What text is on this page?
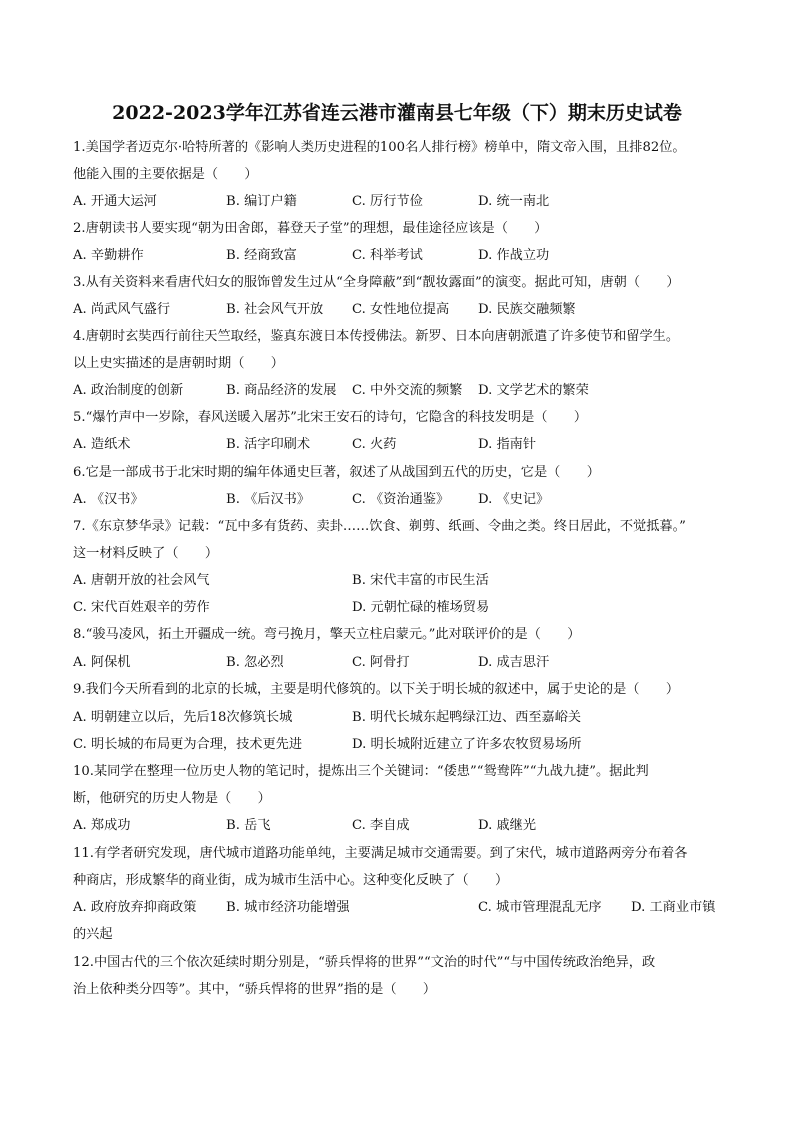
2022-2023学年江苏省连云港市灌南县七年级（下）期末历史试卷
1.美国学者迈克尔·哈特所著的《影响人类历史进程的100名人排行榜》榜单中，隋文帝入围，且排82位。
他能入围的主要依据是（　　）
A. 开通大运河	B. 编订户籍	C. 厉行节俭	D. 统一南北
2.唐朝读书人要实现“朝为田舍郎，暮登天子堂”的理想，最佳途径应该是（　　）
A. 辛勤耕作	B. 经商致富	C. 科举考试	D. 作战立功
3.从有关资料来看唐代妇女的服饰曾发生过从“全身障蔽”到“靓妆露面”的演变。据此可知，唐朝（　　）
A. 尚武风气盛行	B. 社会风气开放 C. 女性地位提高 D. 民族交融频繁
4.唐朝时玄奘西行前往天竺取经，鉴真东渡日本传授佛法。新罗、日本向唐朝派遣了许多使节和留学生。
以上史实描述的是唐朝时期（　　）
A. 政治制度的创新	B. 商品经济的发展 C. 中外交流的频繁 D. 文学艺术的繁荣
5.“爆竹声中一岁除，春风送暖入屠苏”北宋王安石的诗句，它隐含的科技发明是（　　）
A. 造纸术	B. 活字印刷术	C. 火药	D. 指南针
6.它是一部成书于北宋时期的编年体通史巨著，叙述了从战国到五代的历史，它是（　　）
A. 《汉书》	B. 《后汉书》	C. 《资治通鉴》 D. 《史记》
7.《东京梦华录》记载：“瓦中多有货药、卖卦……饮食、剃剪、纸画、令曲之类。终日居此，不觉抵暮。”
这一材料反映了（　　）
A. 唐朝开放的社会风气	B. 宋代丰富的市民生活
C. 宋代百姓艰辛的劳作	D. 元朝忙碌的榷场贸易
8.“骏马凌风，拓土开疆成一统。弯弓挽月，擎天立柱启蒙元。”此对联评价的是（　　）
A. 阿保机	B. 忽必烈	C. 阿骨打	D. 成吉思汗
9.我们今天所看到的北京的长城，主要是明代修筑的。以下关于明长城的叙述中，属于史论的是（　　）
A. 明朝建立以后，先后18次修筑长城	B. 明代长城东起鸭绿江边、西至嘉峪关
C. 明长城的布局更为合理，技术更先进	D. 明长城附近建立了许多农牧贸易场所
10.某同学在整理一位历史人物的笔记时，提炼出三个关键词：“倭患”“鸳鸯阵”“九战九捷”。据此判
断，他研究的历史人物是（　　）
A. 郑成功	B. 岳飞	C. 李自成	D. 戚继光
11.有学者研究发现，唐代城市道路功能单纯，主要满足城市交通需要。到了宋代，城市道路两旁分布着各
种商店，形成繁华的商业街，成为城市生活中心。这种变化反映了（　　）
A. 政府放弃抑商政策 B. 城市经济功能增强	C. 城市管理混乱无序 D. 工商业市镇
的兴起
12.中国古代的三个依次延续时期分别是，“骄兵悍将的世界”“文治的时代”“与中国传统政治绝异，政
治上依种类分四等”。其中，“骄兵悍将的世界”指的是（　　）
